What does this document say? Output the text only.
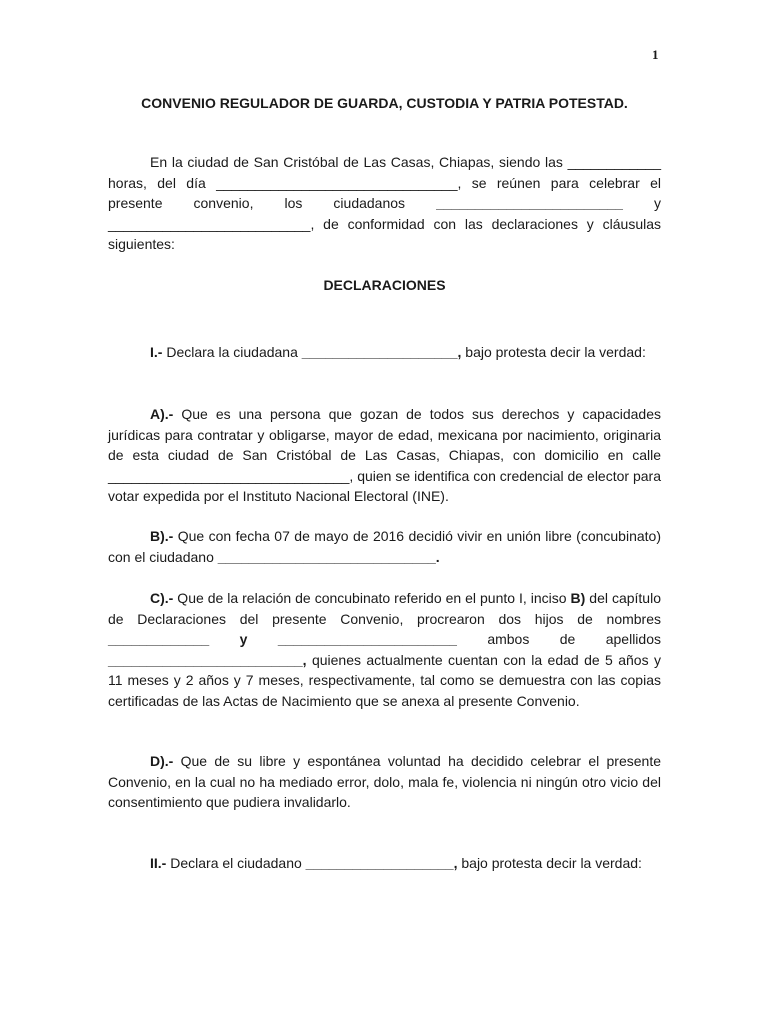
1
CONVENIO REGULADOR DE GUARDA, CUSTODIA Y PATRIA POTESTAD.

En la ciudad de San Cristóbal de Las Casas, Chiapas, siendo las ____________ horas, del día _______________________________, se reúnen para celebrar el presente convenio, los ciudadanos ________________________ y __________________________, de conformidad con las declaraciones y cláusulas siguientes:

DECLARACIONES

I.- Declara la ciudadana ____________________, bajo protesta decir la verdad:

A).- Que es una persona que gozan de todos sus derechos y capacidades jurídicas para contratar y obligarse, mayor de edad, mexicana por nacimiento, originaria de esta ciudad de San Cristóbal de Las Casas, Chiapas, con domicilio en calle _______________________________, quien se identifica con credencial de elector para votar expedida por el Instituto Nacional Electoral (INE).

B).- Que con fecha 07 de mayo de 2016 decidió vivir en unión libre (concubinato) con el ciudadano ____________________________.

C).- Que de la relación de concubinato referido en el punto I, inciso B) del capítulo de Declaraciones del presente Convenio, procrearon dos hijos de nombres _____________ y _______________________ ambos de apellidos _________________________, quienes actualmente cuentan con la edad de 5 años y 11 meses y 2 años y 7 meses, respectivamente, tal como se demuestra con las copias certificadas de las Actas de Nacimiento que se anexa al presente Convenio.

D).- Que de su libre y espontánea voluntad ha decidido celebrar el presente Convenio, en la cual no ha mediado error, dolo, mala fe, violencia ni ningún otro vicio del consentimiento que pudiera invalidarlo.

II.- Declara el ciudadano ___________________, bajo protesta decir la verdad:
